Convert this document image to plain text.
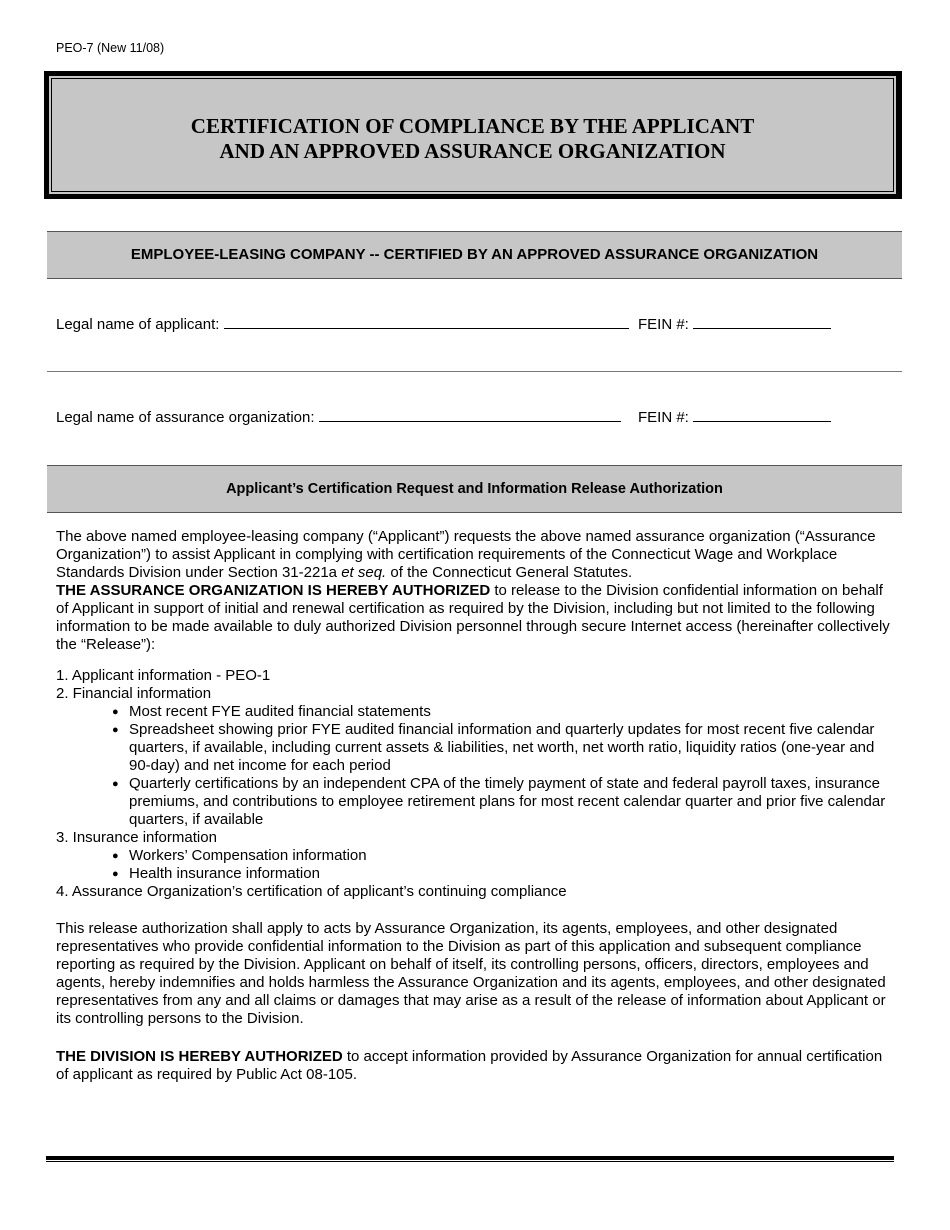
PEO-7 (New 11/08)
CERTIFICATION OF COMPLIANCE BY THE APPLICANT
AND AN APPROVED ASSURANCE ORGANIZATION
EMPLOYEE-LEASING COMPANY -- CERTIFIED BY AN APPROVED ASSURANCE ORGANIZATION
Legal name of applicant:	FEIN #:
Legal name of assurance organization:	FEIN #:
Applicant’s Certification Request and Information Release Authorization
The above named employee-leasing company (“Applicant”) requests the above named assurance organization (“Assurance Organization”) to assist Applicant in complying with certification requirements of the Connecticut Wage and Workplace Standards Division under Section 31-221a et seq. of the Connecticut General Statutes.
THE ASSURANCE ORGANIZATION IS HEREBY AUTHORIZED to release to the Division confidential information on behalf of Applicant in support of initial and renewal certification as required by the Division, including but not limited to the following information to be made available to duly authorized Division personnel through secure Internet access (hereinafter collectively the “Release”):
1. Applicant information - PEO-1
2. Financial information
● Most recent FYE audited financial statements
● Spreadsheet showing prior FYE audited financial information and quarterly updates for most recent five calendar quarters, if available, including current assets & liabilities, net worth, net worth ratio, liquidity ratios (one-year and 90-day) and net income for each period
● Quarterly certifications by an independent CPA of the timely payment of state and federal payroll taxes, insurance premiums, and contributions to employee retirement plans for most recent calendar quarter and prior five calendar quarters, if available
3. Insurance information
● Workers’ Compensation information
● Health insurance information
4. Assurance Organization’s certification of applicant’s continuing compliance
This release authorization shall apply to acts by Assurance Organization, its agents, employees, and other designated representatives who provide confidential information to the Division as part of this application and subsequent compliance reporting as required by the Division. Applicant on behalf of itself, its controlling persons, officers, directors, employees and agents, hereby indemnifies and holds harmless the Assurance Organization and its agents, employees, and other designated representatives from any and all claims or damages that may arise as a result of the release of information about Applicant or its controlling persons to the Division.
THE DIVISION IS HEREBY AUTHORIZED to accept information provided by Assurance Organization for annual certification of applicant as required by Public Act 08-105.
